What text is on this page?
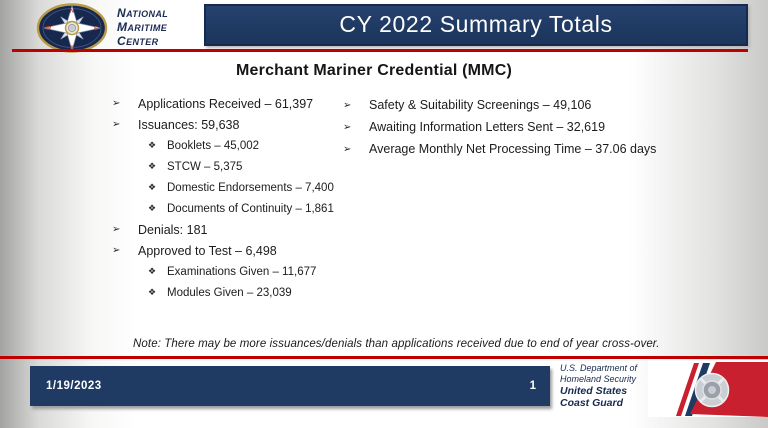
N
W	E
NATIONAL
MARITIME
CENTER
CY 2022 Summary Totals
Merchant Mariner Credential (MMC)
➢	Applications Received – 61,397
➢	Issuances: 59,638
❖ Booklets – 45,002
❖ STCW – 5,375
❖ Domestic Endorsements – 7,400
❖ Documents of Continuity – 1,861
➢	Denials: 181
➢	Approved to Test – 6,498
❖ Examinations Given – 11,677
❖ Modules Given – 23,039
➢	Safety & Suitability Screenings – 49,106
➢	Awaiting Information Letters Sent – 32,619
➢	Average Monthly Net Processing Time – 37.06 days
Note: There may be more issuances/denials than applications received due to end of year cross-over.
1/19/2023	1
U.S. Department of
Homeland Security
United States
Coast Guard
